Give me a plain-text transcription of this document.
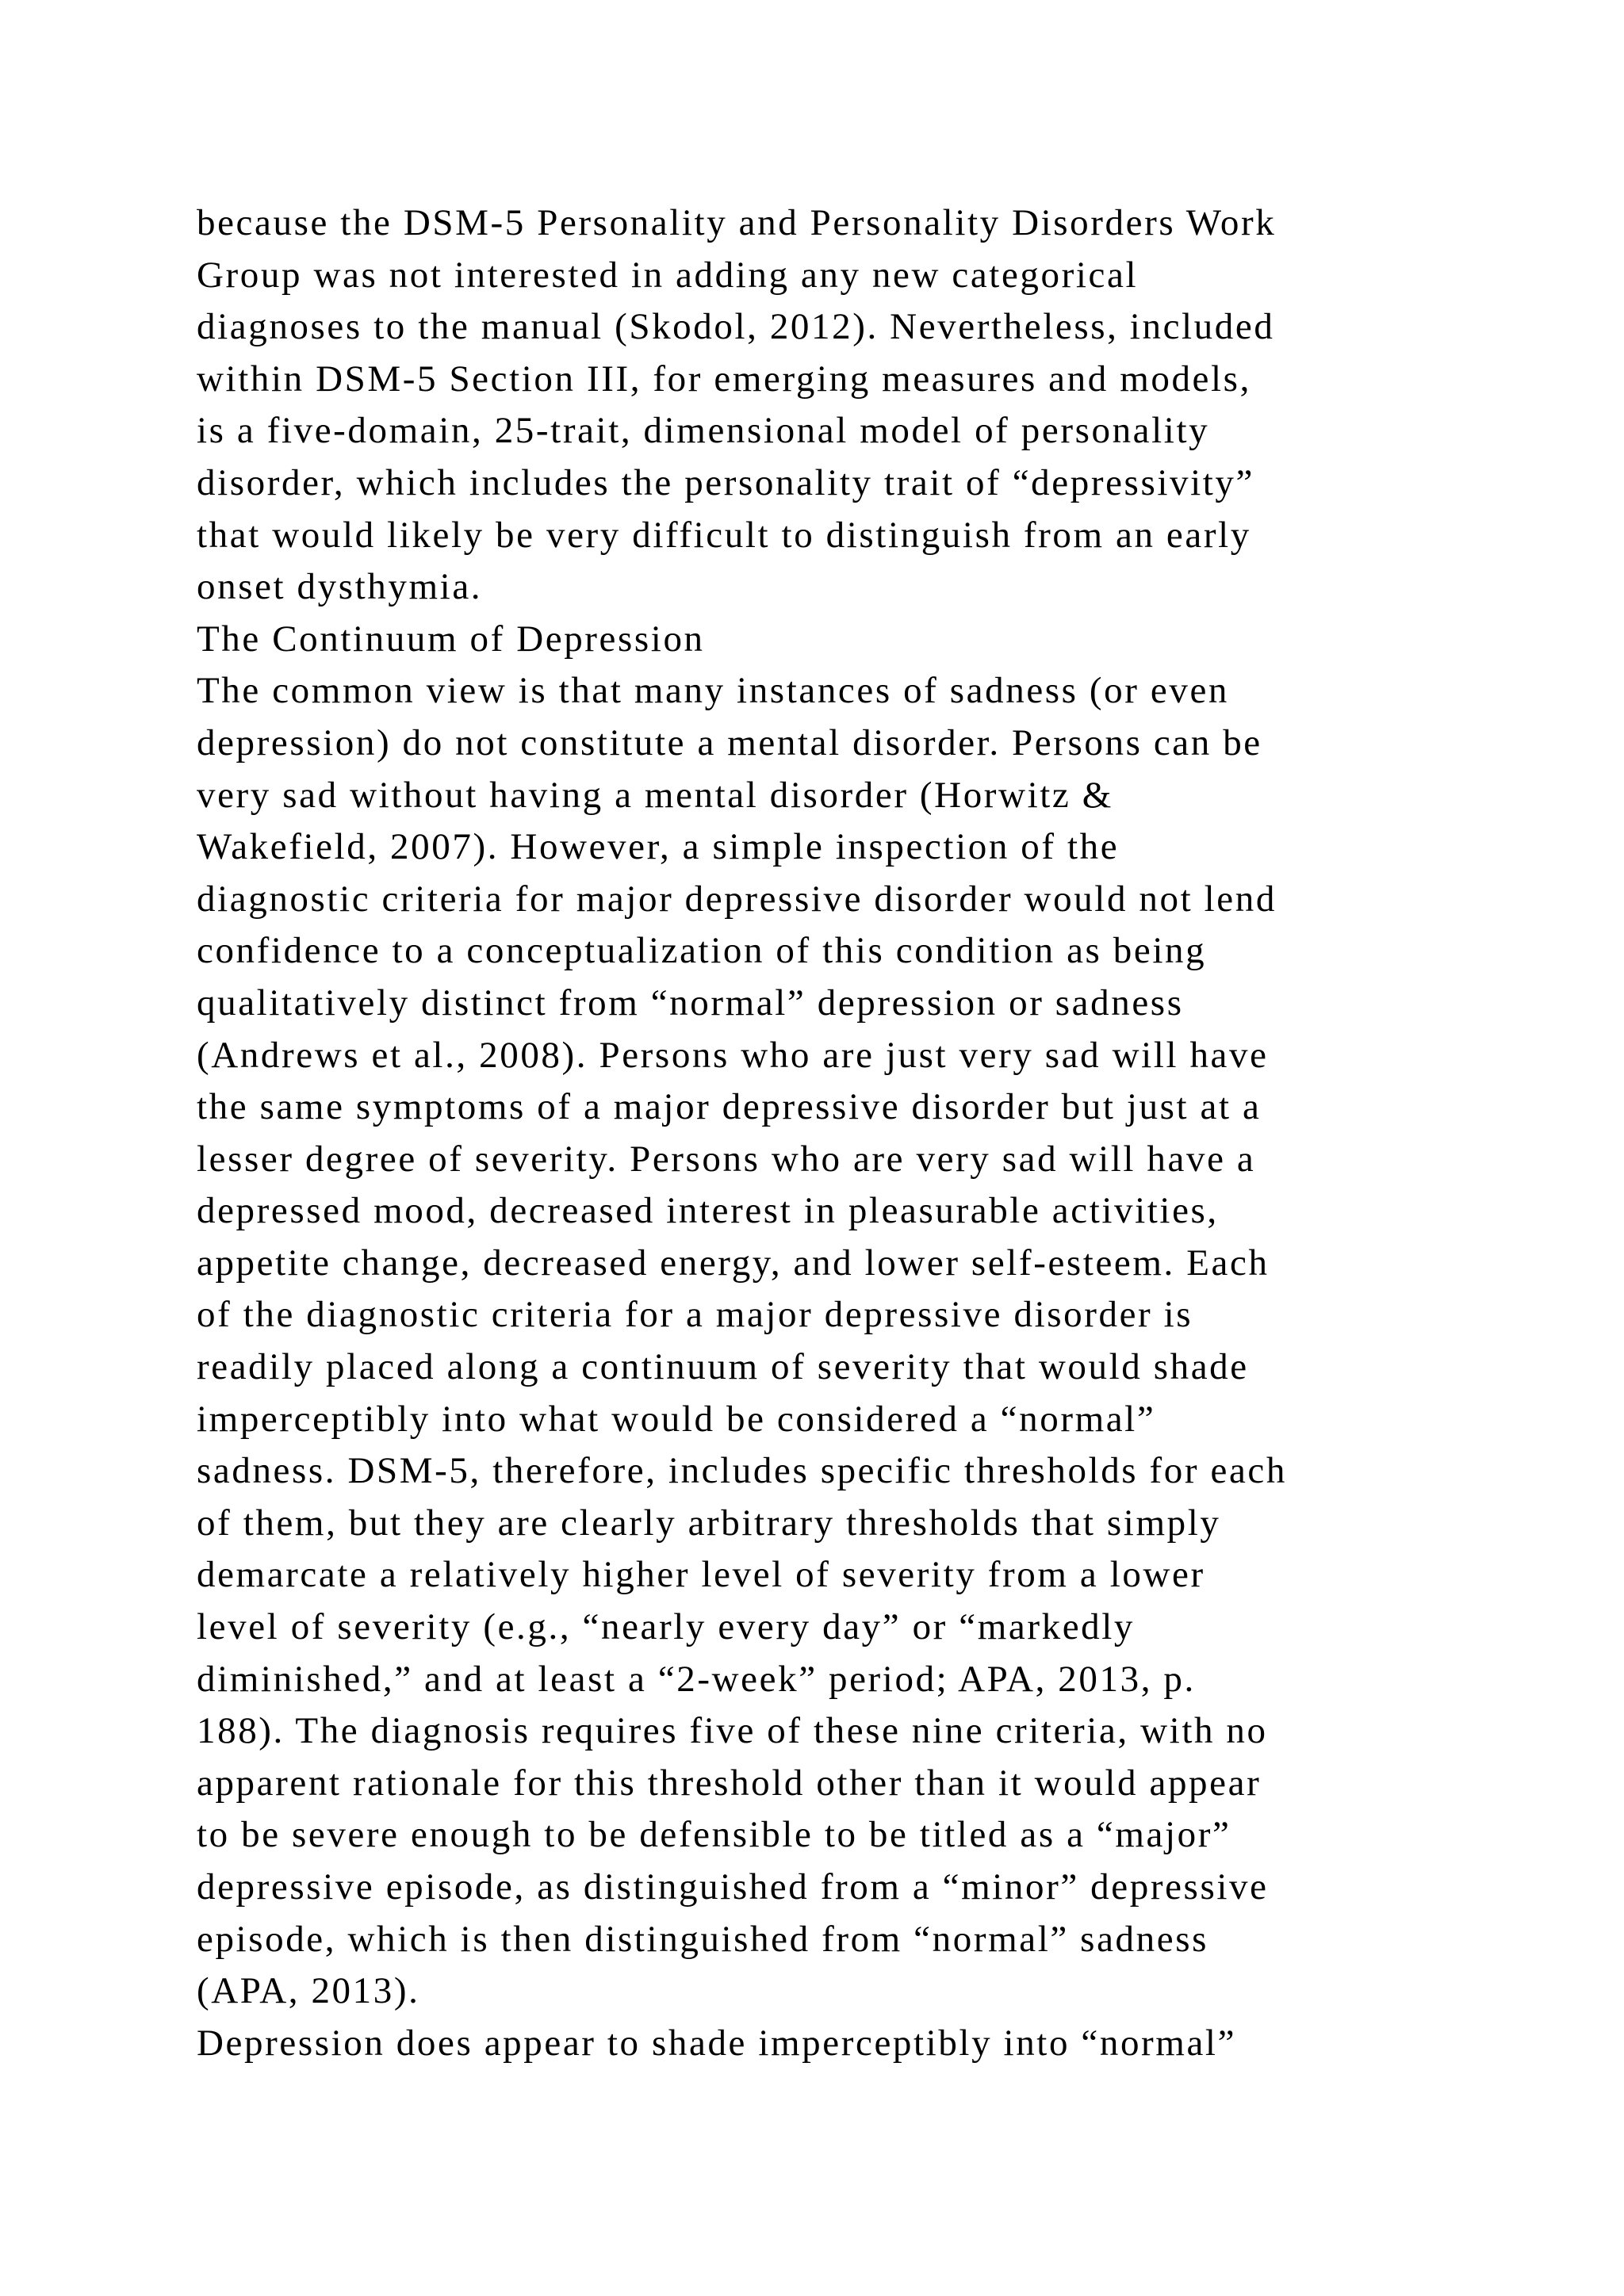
because the DSM-5 Personality and Personality Disorders Work
Group was not interested in adding any new categorical
diagnoses to the manual (Skodol, 2012). Nevertheless, included
within DSM-5 Section III, for emerging measures and models,
is a five-domain, 25-trait, dimensional model of personality
disorder, which includes the personality trait of “depressivity”
that would likely be very difficult to distinguish from an early
onset dysthymia.
The Continuum of Depression
The common view is that many instances of sadness (or even
depression) do not constitute a mental disorder. Persons can be
very sad without having a mental disorder (Horwitz &
Wakefield, 2007). However, a simple inspection of the
diagnostic criteria for major depressive disorder would not lend
confidence to a conceptualization of this condition as being
qualitatively distinct from “normal” depression or sadness
(Andrews et al., 2008). Persons who are just very sad will have
the same symptoms of a major depressive disorder but just at a
lesser degree of severity. Persons who are very sad will have a
depressed mood, decreased interest in pleasurable activities,
appetite change, decreased energy, and lower self-esteem. Each
of the diagnostic criteria for a major depressive disorder is
readily placed along a continuum of severity that would shade
imperceptibly into what would be considered a “normal”
sadness. DSM-5, therefore, includes specific thresholds for each
of them, but they are clearly arbitrary thresholds that simply
demarcate a relatively higher level of severity from a lower
level of severity (e.g., “nearly every day” or “markedly
diminished,” and at least a “2-week” period; APA, 2013, p.
188). The diagnosis requires five of these nine criteria, with no
apparent rationale for this threshold other than it would appear
to be severe enough to be defensible to be titled as a “major”
depressive episode, as distinguished from a “minor” depressive
episode, which is then distinguished from “normal” sadness
(APA, 2013).
Depression does appear to shade imperceptibly into “normal”
